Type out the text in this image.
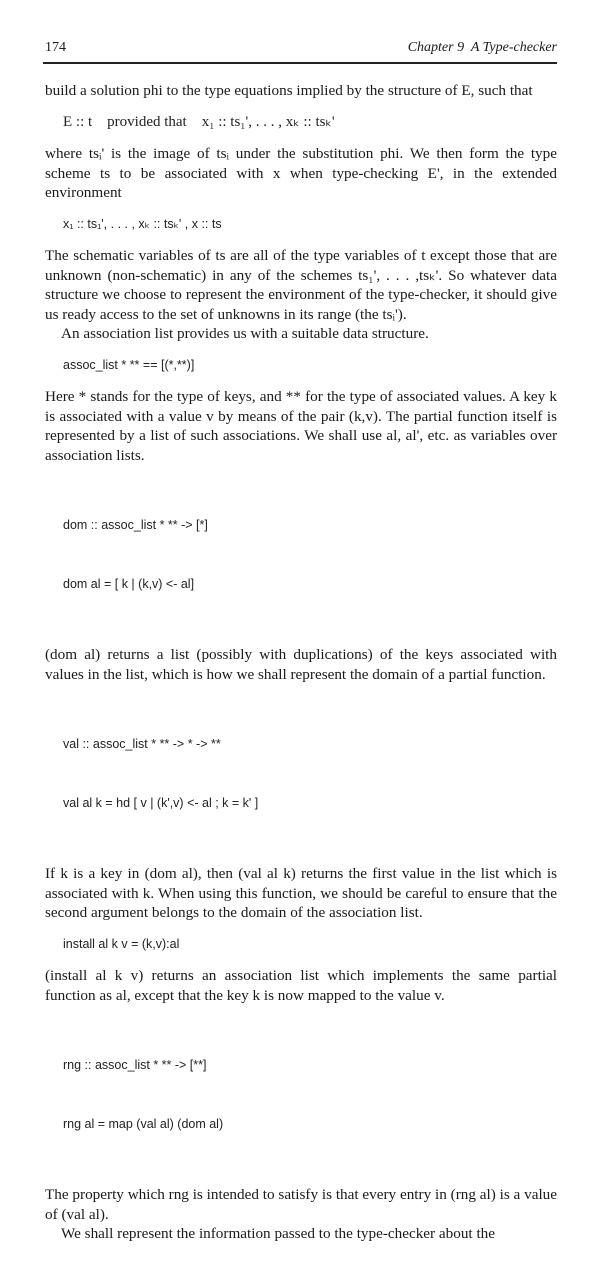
174	Chapter 9  A Type-checker

build a solution phi to the type equations implied by the structure of E, such that

E :: t    provided that    x₁ :: ts₁', . . . , xₖ :: tsₖ'

where tsᵢ' is the image of tsᵢ under the substitution phi. We then form the type scheme ts to be associated with x when type-checking E', in the extended environment

x₁ :: ts₁', . . . , xₖ :: tsₖ' , x :: ts

The schematic variables of ts are all of the type variables of t except those that are unknown (non-schematic) in any of the schemes ts₁', . . . ,tsₖ'. So whatever data structure we choose to represent the environment of the type-checker, it should give us ready access to the set of unknowns in its range (the tsᵢ').

An association list provides us with a suitable data structure.

assoc_list * ** == [(*,**)]

Here * stands for the type of keys, and ** for the type of associated values. A key k is associated with a value v by means of the pair (k,v). The partial function itself is represented by a list of such associations. We shall use al, al', etc. as variables over association lists.

dom :: assoc_list * ** -> [*]

dom al = [ k | (k,v) <- al]

(dom al) returns a list (possibly with duplications) of the keys associated with values in the list, which is how we shall represent the domain of a partial function.

val :: assoc_list * ** -> * -> **

val al k = hd [ v | (k',v) <- al ; k = k' ]

If k is a key in (dom al), then (val al k) returns the first value in the list which is associated with k. When using this function, we should be careful to ensure that the second argument belongs to the domain of the association list.

install al k v = (k,v):al

(install al k v) returns an association list which implements the same partial function as al, except that the key k is now mapped to the value v.

rng :: assoc_list * ** -> [**]

rng al = map (val al) (dom al)

The property which rng is intended to satisfy is that every entry in (rng al) is a value of (val al).

We shall represent the information passed to the type-checker about the
